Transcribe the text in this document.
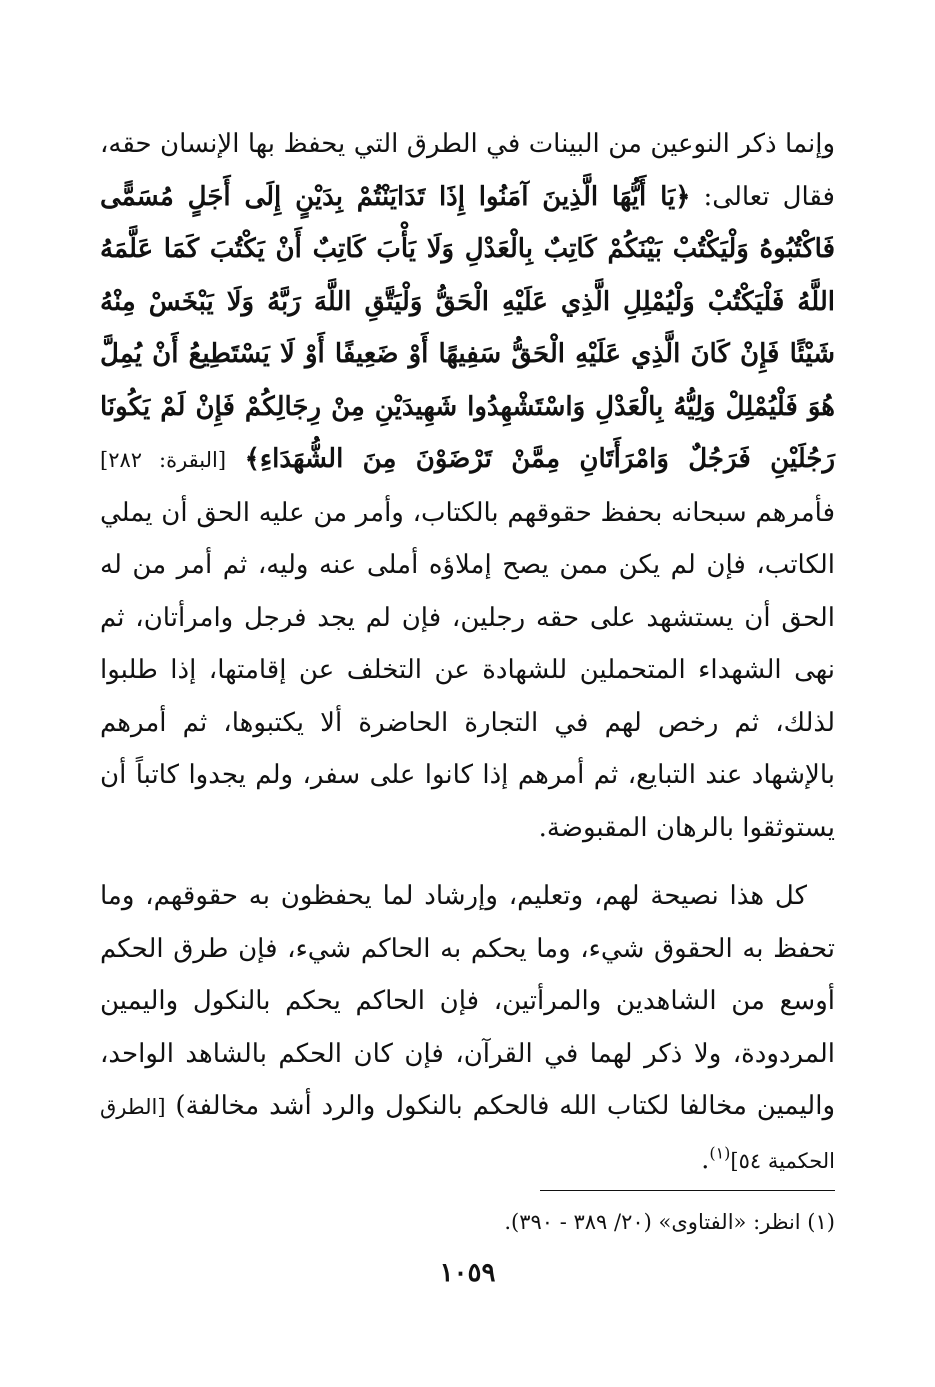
وإنما ذكر النوعين من البينات في الطرق التي يحفظ بها الإنسان حقه، فقال تعالى: ﴿يَا أَيُّهَا الَّذِينَ آمَنُوا إِذَا تَدَايَنْتُمْ بِدَيْنٍ إِلَى أَجَلٍ مُسَمًّى فَاكْتُبُوهُ وَلْيَكْتُبْ بَيْنَكُمْ كَاتِبٌ بِالْعَدْلِ وَلَا يَأْبَ كَاتِبٌ أَنْ يَكْتُبَ كَمَا عَلَّمَهُ اللَّهُ فَلْيَكْتُبْ وَلْيُمْلِلِ الَّذِي عَلَيْهِ الْحَقُّ وَلْيَتَّقِ اللَّهَ رَبَّهُ وَلَا يَبْخَسْ مِنْهُ شَيْئًا فَإِنْ كَانَ الَّذِي عَلَيْهِ الْحَقُّ سَفِيهًا أَوْ ضَعِيفًا أَوْ لَا يَسْتَطِيعُ أَنْ يُمِلَّ هُوَ فَلْيُمْلِلْ وَلِيُّهُ بِالْعَدْلِ وَاسْتَشْهِدُوا شَهِيدَيْنِ مِنْ رِجَالِكُمْ فَإِنْ لَمْ يَكُونَا رَجُلَيْنِ فَرَجُلٌ وَامْرَأَتَانِ مِمَّنْ تَرْضَوْنَ مِنَ الشُّهَدَاءِ﴾ [البقرة: ٢٨٢] فأمرهم سبحانه بحفظ حقوقهم بالكتاب، وأمر من عليه الحق أن يملي الكاتب، فإن لم يكن ممن يصح إملاؤه أملى عنه وليه، ثم أمر من له الحق أن يستشهد على حقه رجلين، فإن لم يجد فرجل وامرأتان، ثم نهى الشهداء المتحملين للشهادة عن التخلف عن إقامتها، إذا طلبوا لذلك، ثم رخص لهم في التجارة الحاضرة ألا يكتبوها، ثم أمرهم بالإشهاد عند التبايع، ثم أمرهم إذا كانوا على سفر، ولم يجدوا كاتباً أن يستوثقوا بالرهان المقبوضة.

كل هذا نصيحة لهم، وتعليم، وإرشاد لما يحفظون به حقوقهم، وما تحفظ به الحقوق شيء، وما يحكم به الحاكم شيء، فإن طرق الحكم أوسع من الشاهدين والمرأتين، فإن الحاكم يحكم بالنكول واليمين المردودة، ولا ذكر لهما في القرآن، فإن كان الحكم بالشاهد الواحد، واليمين مخالفا لكتاب الله فالحكم بالنكول والرد أشد مخالفة) [الطرق الحكمية ٥٤]$^{(١)}$.

(١) انظر: «الفتاوى» (٢٠/ ٣٨٩ - ٣٩٠).
١٠٥٩
